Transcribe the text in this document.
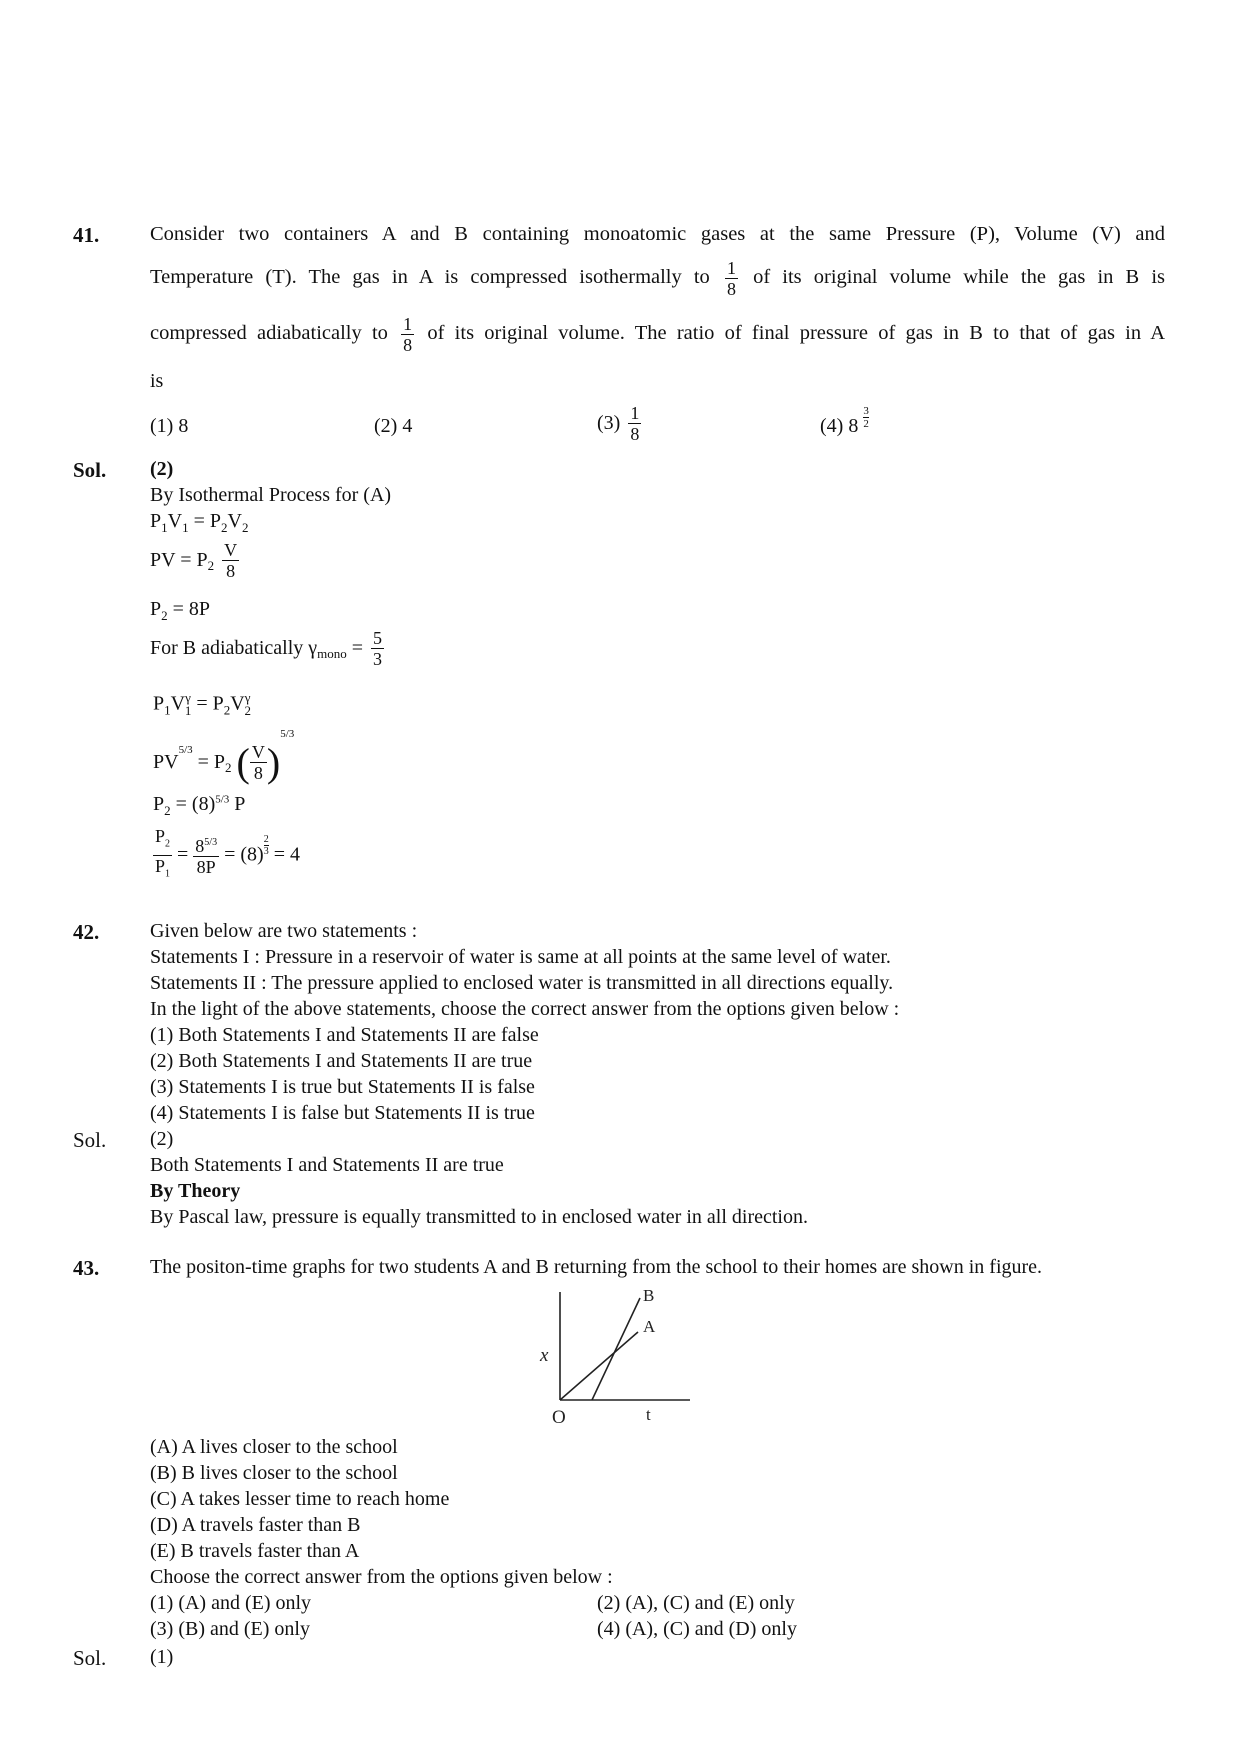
41. Consider two containers A and B containing monoatomic gases at the same Pressure (P), Volume (V) and
Temperature (T). The gas in A is compressed isothermally to $\frac{1}{8}$ of its original volume while the gas in B is
compressed adiabatically to $\frac{1}{8}$ of its original volume. The ratio of final pressure of gas in B to that of gas in A
is
(1) 8	(2) 4	$(3) \frac{1}{8}$	(4) $8 \frac{3}{2}$
Sol. (2)
By Isothermal Process for (A)
$P_1V_1 = P_2V_2$
PV = $P_2 \frac{V}{8}$
$P_2 = 8P$
For B adiabatically $\gamma_{mono} = \frac{5}{3}$
$P_1V^\gamma_1 = P_2V^\gamma_2$
$PV^{5/3} = P_2$ ( $\frac{V}{8} )^{5/3}$
$P_2 = (8)^{5/3}$ P
$\frac{P_2}{P_1} = \frac{8^{5/3}}{8P} = (8) \frac{2}{3} = 4$
42.	Given below are two statements :
Statements I : Pressure in a reservoir of water is same at all points at the same level of water.
Statements II : The pressure applied to enclosed water is transmitted in all directions equally.
In the light of the above statements, choose the correct answer from the options given below :
(1) Both Statements I and Statements II are false
(2) Both Statements I and Statements II are true
(3) Statements I is true but Statements II is false
(4) Statements I is false but Statements II is true
Sol. (2)
Both Statements I and Statements II are true
By Theory
By Pascal law, pressure is equally transmitted to in enclosed water in all direction.
43.	The positon-time graphs for two students A and B returning from the school to their homes are shown in figure.
x
O	t
A
B
(A) A lives closer to the school
(B) B lives closer to the school
(C) A takes lesser time to reach home
(D) A travels faster than B
(E) B travels faster than A
Choose the correct answer from the options given below :
(1) (A) and (E) only	(2) (A), (C) and (E) only
(3) (B) and (E) only	(4) (A), (C) and (D) only
Sol. (1)
